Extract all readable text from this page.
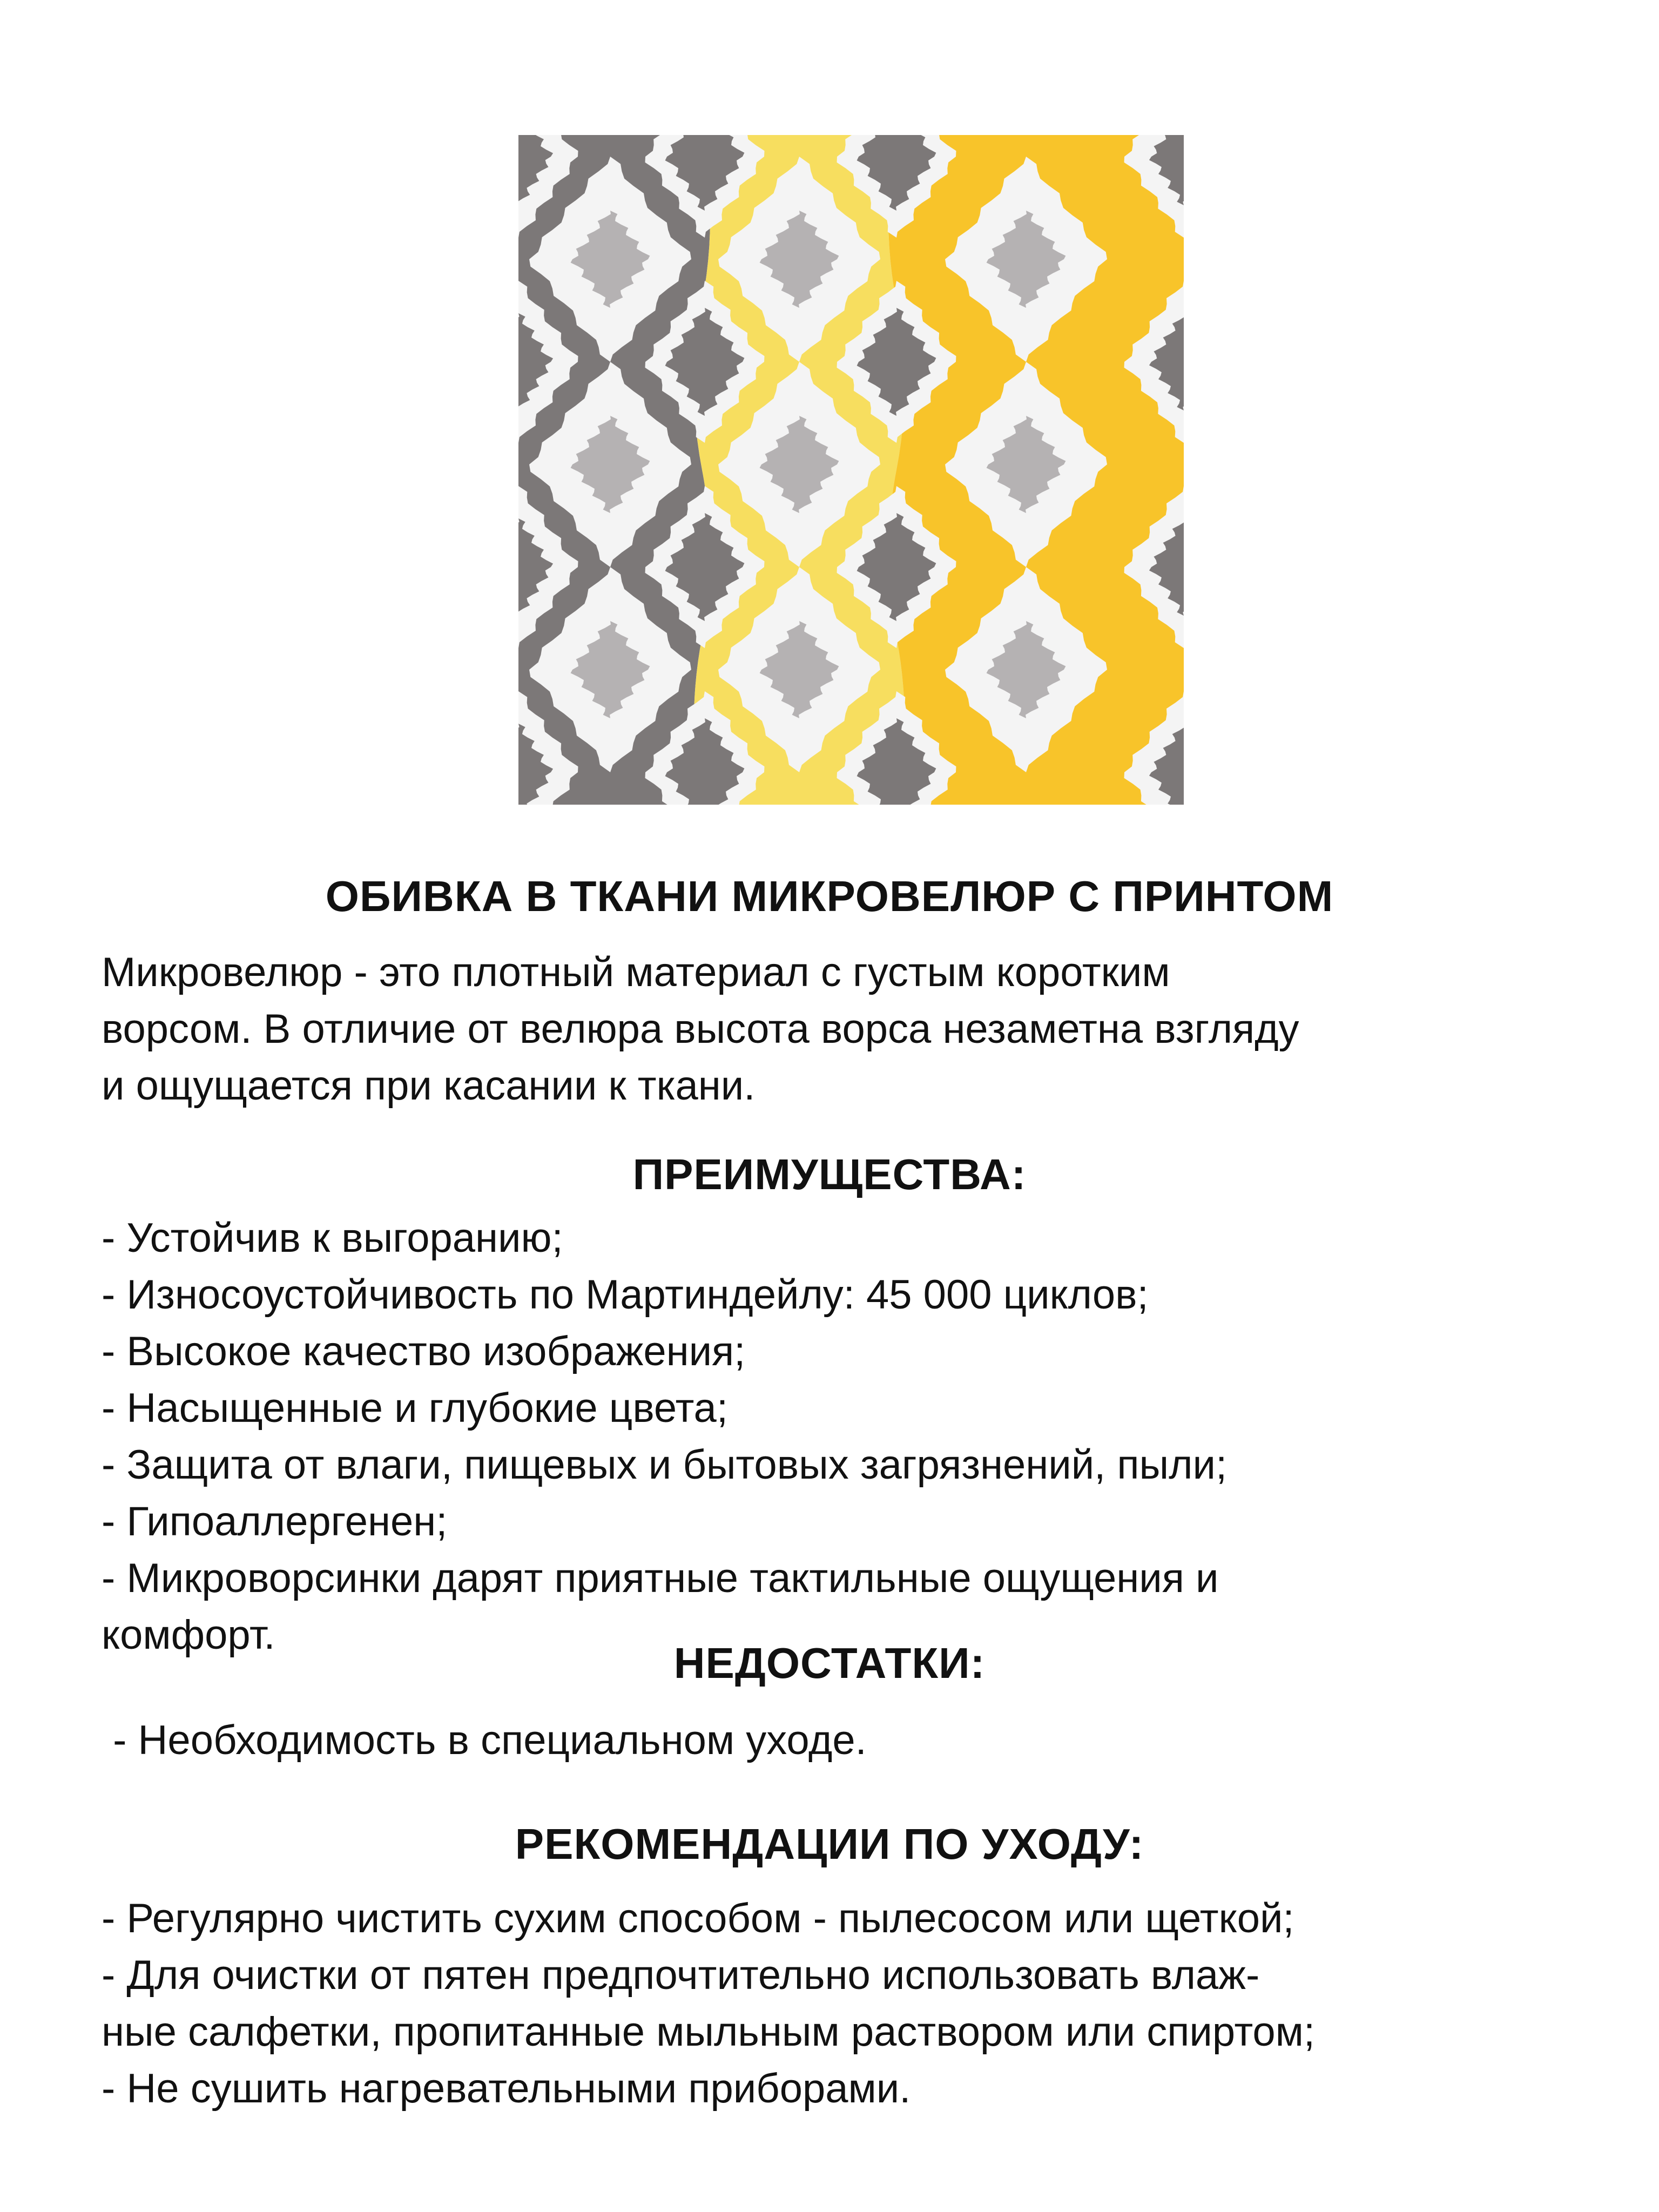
ОБИВКА В ТКАНИ МИКРОВЕЛЮР С ПРИНТОМ
Микровелюр - это плотный материал с густым коротким
ворсом. В отличие от велюра высота ворса незаметна взгляду
и ощущается при касании к ткани.
ПРЕИМУЩЕСТВА:
- Устойчив к выгоранию;
- Износоустойчивость по Мартиндейлу: 45 000 циклов;
- Высокое качество изображения;
- Насыщенные и глубокие цвета;
- Защита от влаги, пищевых и бытовых загрязнений, пыли;
- Гипоаллергенен;
- Микроворсинки дарят приятные тактильные ощущения и
комфорт.
НЕДОСТАТКИ:
- Необходимость в специальном уходе.
РЕКОМЕНДАЦИИ ПО УХОДУ:
- Регулярно чистить сухим способом - пылесосом или щеткой;
- Для очистки от пятен предпочтительно использовать влаж-
ные салфетки, пропитанные мыльным раствором или спиртом;
- Не сушить нагревательными приборами.
